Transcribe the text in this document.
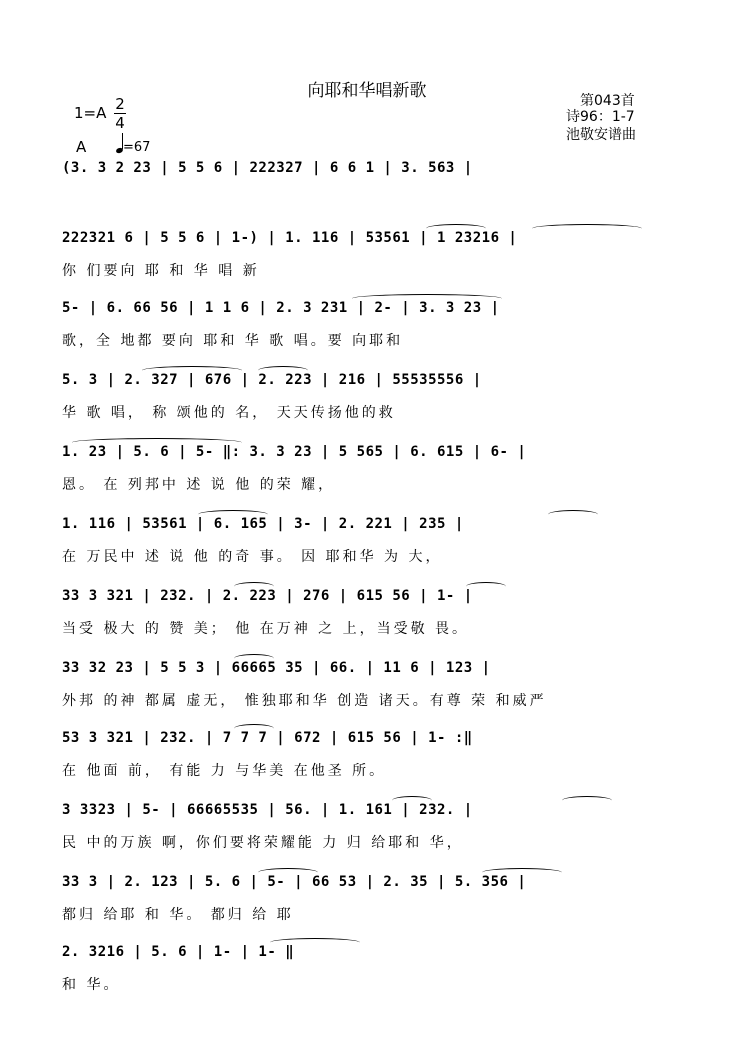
向耶和华唱新歌
1=A 2
4
第043首
诗96：1-7
池敬安谱曲
A	=67
(3. 3 2 23 | 5 5 6 | 222327 | 6 6 1 | 3. 563 |
222321 6 | 5 5 6 | 1-) | 1. 116 | 53561 | 1 23216 |
你 们要向 耶 和 华 唱 新
5- | 6. 66 56 | 1 1 6 | 2. 3 231 | 2- | 3. 3 23 |
歌，全 地都 要向 耶和 华 歌 唱。要 向耶和
5. 3 | 2. 327 | 676 | 2. 223 | 216 | 55535556 |
华 歌 唱， 称 颂他的 名， 天天传扬他的救
1. 23 | 5. 6 | 5- ‖: 3. 3 23 | 5 565 | 6. 615 | 6- |
恩。 在 列邦中 述 说 他 的荣 耀，
1. 116 | 53561 | 6. 165 | 3- | 2. 221 | 235 |
在 万民中 述 说 他 的奇 事。 因 耶和华 为 大，
33 3 321 | 232. | 2. 223 | 276 | 615 56 | 1- |
当受 极大 的 赞 美； 他 在万神 之 上，当受敬 畏。
33 32 23 | 5 5 3 | 66665 35 | 66. | 11 6 | 123 |
外邦 的神 都属 虚无， 惟独耶和华 创造 诸天。有尊 荣 和威严
53 3 321 | 232. | 7 7 7 | 672 | 615 56 | 1- :‖
在 他面 前， 有能 力 与华美 在他圣 所。
3 3323 | 5- | 66665535 | 56. | 1. 161 | 232. |
民 中的万族 啊，你们要将荣耀能 力 归 给耶和 华，
33 3 | 2. 123 | 5. 6 | 5- | 66 53 | 2. 35 | 5. 356 |
都归 给耶 和 华。 都归 给 耶
2. 3216 | 5. 6 | 1- | 1- ‖
和 华。
